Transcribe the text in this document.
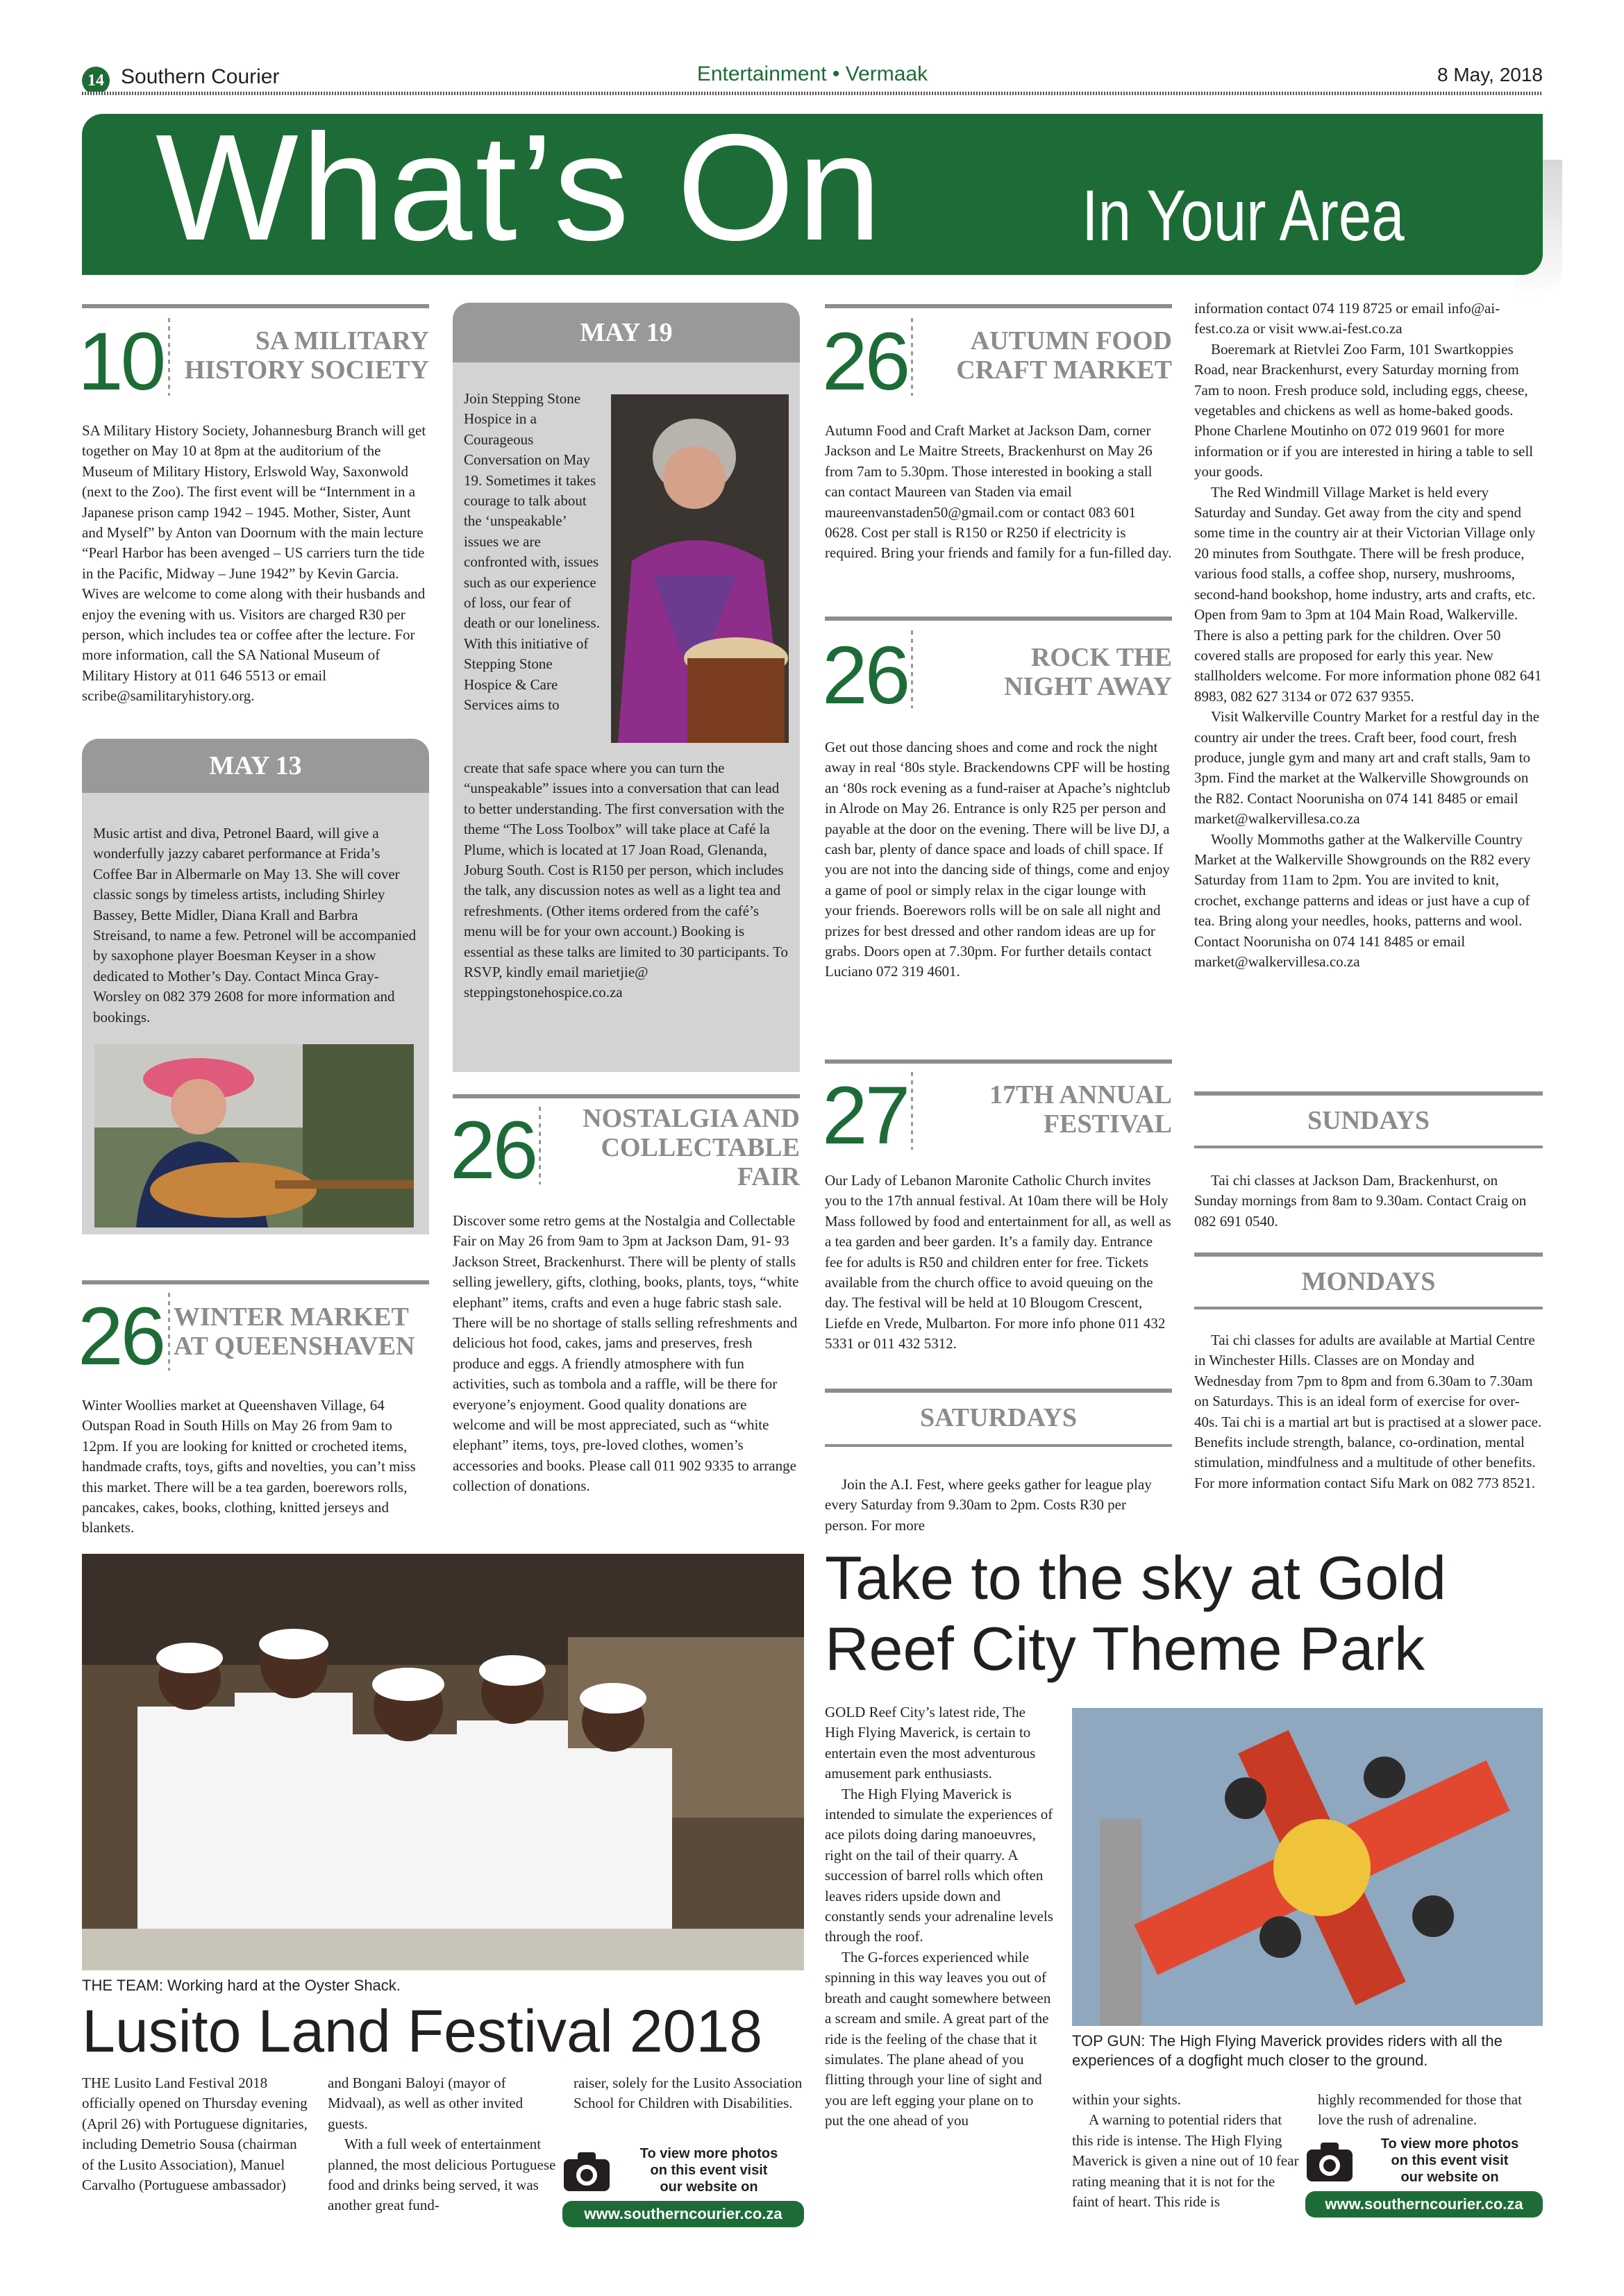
14 Southern Courier	Entertainment • Vermaak	8 May, 2018
What’s On	In Your Area
10	SA MILITARY
HISTORY SOCIETY
SA Military History Society, Johannesburg Branch will get together on May 10 at 8pm at the auditorium of the Museum of Military History, Erlswold Way, Saxonwold (next to the Zoo). The first event will be “Internment in a Japanese prison camp 1942 – 1945. Mother, Sister, Aunt and Myself” by Anton van Doornum with the main lecture “Pearl Harbor has been avenged – US carriers turn the tide in the Pacific, Midway – June 1942” by Kevin Garcia. Wives are welcome to come along with their husbands and enjoy the evening with us. Visitors are charged R30 per person, which includes tea or coffee after the lecture. For more information, call the SA National Museum of Military History at 011 646 5513 or email scribe@samilitaryhistory.org.
MAY 13
Music artist and diva, Petronel Baard, will give a wonderfully jazzy cabaret performance at Frida’s Coffee Bar in Albermarle on May 13. She will cover classic songs by timeless artists, including Shirley Bassey, Bette Midler, Diana Krall and Barbra Streisand, to name a few. Petronel will be accompanied by saxophone player Boesman Keyser in a show dedicated to Mother’s Day. Contact Minca Gray-Worsley on 082 379 2608 for more information and bookings.
26 WINTER MARKET
AT QUEENSHAVEN
Winter Woollies market at Queenshaven Village, 64 Outspan Road in South Hills on May 26 from 9am to 12pm. If you are looking for knitted or crocheted items, handmade crafts, toys, gifts and novelties, you can’t miss this market. There will be a tea garden, boerewors rolls, pancakes, cakes, books, clothing, knitted jerseys and blankets.
MAY 19
Join Stepping Stone Hospice in a Courageous Conversation on May 19. Sometimes it takes courage to talk about the ‘unspeakable’ issues we are confronted with, issues such as our experience of loss, our fear of death or our loneliness. With this initiative of Stepping Stone Hospice & Care Services aims to
create that safe space where you can turn the “unspeakable” issues into a conversation that can lead to better understanding. The first conversation with the theme “The Loss Toolbox” will take place at Café la Plume, which is located at 17 Joan Road, Glenanda, Joburg South. Cost is R150 per person, which includes the talk, any discussion notes as well as a light tea and refreshments. (Other items ordered from the café’s menu will be for your own account.) Booking is essential as these talks are limited to 30 participants. To RSVP, kindly email marietjie@ steppingstonehospice.co.za
26	NOSTALGIA AND
COLLECTABLE
FAIR
Discover some retro gems at the Nostalgia and Collectable Fair on May 26 from 9am to 3pm at Jackson Dam, 91- 93 Jackson Street, Brackenhurst. There will be plenty of stalls selling jewellery, gifts, clothing, books, plants, toys, “white elephant” items, crafts and even a huge fabric stash sale. There will be no shortage of stalls selling refreshments and delicious hot food, cakes, jams and preserves, fresh produce and eggs. A friendly atmosphere with fun activities, such as tombola and a raffle, will be there for everyone’s enjoyment. Good quality donations are welcome and will be most appreciated, such as “white elephant” items, toys, pre-loved clothes, women’s accessories and books. Please call 011 902 9335 to arrange collection of donations.
26	AUTUMN FOOD
CRAFT MARKET
Autumn Food and Craft Market at Jackson Dam, corner Jackson and Le Maitre Streets, Brackenhurst on May 26 from 7am to 5.30pm. Those interested in booking a stall can contact Maureen van Staden via email maureenvanstaden50@gmail.com or contact 083 601 0628. Cost per stall is R150 or R250 if electricity is required. Bring your friends and family for a fun-filled day.
26	ROCK THE
NIGHT AWAY
Get out those dancing shoes and come and rock the night away in real ‘80s style. Brackendowns CPF will be hosting an ‘80s rock evening as a fund-raiser at Apache’s nightclub in Alrode on May 26. Entrance is only R25 per person and payable at the door on the evening. There will be live DJ, a cash bar, plenty of dance space and loads of chill space. If you are not into the dancing side of things, come and enjoy a game of pool or simply relax in the cigar lounge with your friends. Boerewors rolls will be on sale all night and prizes for best dressed and other random ideas are up for grabs. Doors open at 7.30pm. For further details contact Luciano 072 319 4601.
27	17TH ANNUAL
FESTIVAL
Our Lady of Lebanon Maronite Catholic Church invites you to the 17th annual festival. At 10am there will be Holy Mass followed by food and entertainment for all, as well as a tea garden and beer garden. It’s a family day. Entrance fee for adults is R50 and children enter for free. Tickets available from the church office to avoid queuing on the day. The festival will be held at 10 Blougom Crescent, Liefde en Vrede, Mulbarton. For more info phone 011 432 5331 or 011 432 5312.
SATURDAYS
Join the A.I. Fest, where geeks gather for league play every Saturday from 9.30am to 2pm. Costs R30 per person. For more

information contact 074 119 8725 or email info@ai-fest.co.za or visit www.ai-fest.co.za

Boeremark at Rietvlei Zoo Farm, 101 Swartkoppies Road, near Brackenhurst, every Saturday morning from 7am to noon. Fresh produce sold, including eggs, cheese, vegetables and chickens as well as home-baked goods. Phone Charlene Moutinho on 072 019 9601 for more information or if you are interested in hiring a table to sell your goods.

The Red Windmill Village Market is held every Saturday and Sunday. Get away from the city and spend some time in the country air at their Victorian Village only 20 minutes from Southgate. There will be fresh produce, various food stalls, a coffee shop, nursery, mushrooms, second-hand bookshop, home industry, arts and crafts, etc. Open from 9am to 3pm at 104 Main Road, Walkerville. There is also a petting park for the children. Over 50 covered stalls are proposed for early this year. New stallholders welcome. For more information phone 082 641 8983, 082 627 3134 or 072 637 9355.

Visit Walkerville Country Market for a restful day in the country air under the trees. Craft beer, food court, fresh produce, jungle gym and many art and craft stalls, 9am to 3pm. Find the market at the Walkerville Showgrounds on the R82. Contact Noorunisha on 074 141 8485 or email market@walkervillesa.co.za

Woolly Mommoths gather at the Walkerville Country Market at the Walkerville Showgrounds on the R82 every Saturday from 11am to 2pm. You are invited to knit, crochet, exchange patterns and ideas or just have a cup of tea. Bring along your needles, hooks, patterns and wool. Contact Noorunisha on 074 141 8485 or email market@walkervillesa.co.za

SUNDAYS
Tai chi classes at Jackson Dam, Brackenhurst, on Sunday mornings from 8am to 9.30am. Contact Craig on 082 691 0540.
MONDAYS
Tai chi classes for adults are available at Martial Centre in Winchester Hills. Classes are on Monday and Wednesday from 7pm to 8pm and from 6.30am to 7.30am on Saturdays. This is an ideal form of exercise for over-40s. Tai chi is a martial art but is practised at a slower pace. Benefits include strength, balance, co-ordination, mental stimulation, mindfulness and a multitude of other benefits. For more information contact Sifu Mark on 082 773 8521.
THE TEAM: Working hard at the Oyster Shack.
Lusito Land Festival 2018
THE Lusito Land Festival 2018 officially opened on Thursday evening (April 26) with Portuguese dignitaries, including Demetrio Sousa (chairman of the Lusito Association), Manuel Carvalho (Portuguese ambassador)

and Bongani Baloyi (mayor of Midvaal), as well as other invited guests.

With a full week of entertainment planned, the most delicious Portuguese food and drinks being served, it was another great fund-

raiser, solely for the Lusito Association School for Children with Disabilities.
To view more photos
on this event visit
our website on
www.southerncourier.co.za
Take to the sky at Gold
Reef City Theme Park

GOLD Reef City’s latest ride, The High Flying Maverick, is certain to entertain even the most adventurous amusement park enthusiasts.

The High Flying Maverick is intended to simulate the experiences of ace pilots doing daring manoeuvres, right on the tail of their quarry. A succession of barrel rolls which often leaves riders upside down and constantly sends your adrenaline levels through the roof.

The G-forces experienced while spinning in this way leaves you out of breath and caught somewhere between a scream and smile. A great part of the ride is the feeling of the chase that it simulates. The plane ahead of you flitting through your line of sight and you are left egging your plane on to put the one ahead of you

TOP GUN: The High Flying Maverick provides riders with all the experiences of a dogfight much closer to the ground.

within your sights.

A warning to potential riders that this ride is intense. The High Flying Maverick is given a nine out of 10 fear rating meaning that it is not for the faint of heart. This ride is

highly recommended for those that love the rush of adrenaline.
To view more photos
on this event visit
our website on
www.southerncourier.co.za
